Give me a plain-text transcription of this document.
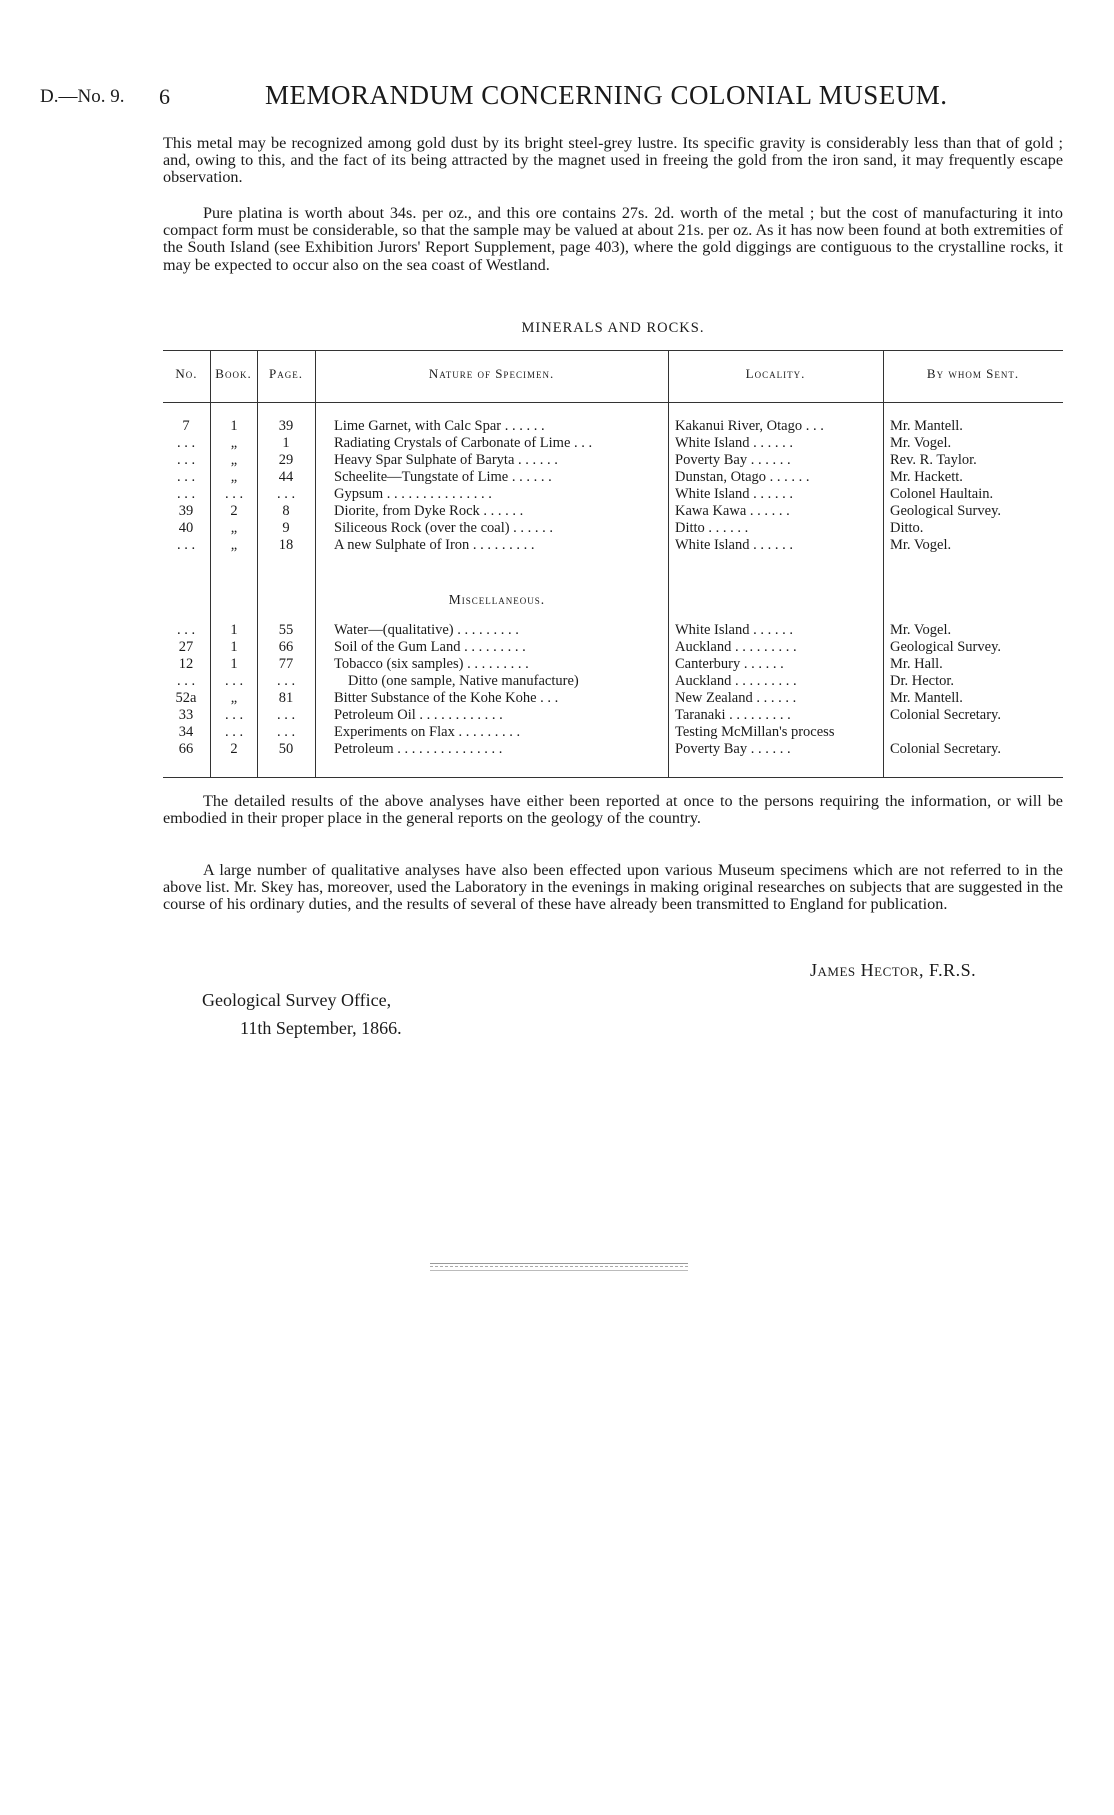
D.—No. 9. 6	MEMORANDUM CONCERNING COLONIAL MUSEUM.
This metal may be recognized among gold dust by its bright steel-grey lustre. Its specific gravity is considerably less than that of gold ; and, owing to this, and the fact of its being attracted by the magnet used in freeing the gold from the iron sand, it may frequently escape observation.
Pure platina is worth about 34s. per oz., and this ore contains 27s. 2d. worth of the metal ; but the cost of manufacturing it into compact form must be considerable, so that the sample may be valued at about 21s. per oz. As it has now been found at both extremities of the South Island (see Exhibition Jurors' Report Supplement, page 403), where the gold diggings are contiguous to the crystalline rocks, it may be expected to occur also on the sea coast of Westland.
MINERALS AND ROCKS.
No.	Book.	Page.	Nature of Specimen.	Locality.	By whom Sent.
7	1	39	Lime Garnet, with Calc Spar . . . . . .	Kakanui River, Otago . . .	Mr. Mantell.
. . .	„	1	Radiating Crystals of Carbonate of Lime . . .	White Island . . . . . .	Mr. Vogel.
. . .	„	29	Heavy Spar Sulphate of Baryta . . . . . .	Poverty Bay . . . . . .	Rev. R. Taylor.
. . .	„	44	Scheelite—Tungstate of Lime . . . . . .	Dunstan, Otago . . . . . .	Mr. Hackett.
. . .	. . .	. . .	Gypsum . . . . . . . . . . . . . . .	White Island . . . . . .	Colonel Haultain.
39	2	8	Diorite, from Dyke Rock . . . . . .	Kawa Kawa . . . . . .	Geological Survey.
40	„	9	Siliceous Rock (over the coal) . . . . . .	Ditto . . . . . .	Ditto.
. . .	„	18	A new Sulphate of Iron . . . . . . . . .	White Island . . . . . .	Mr. Vogel.
Miscellaneous.
. . .	1	55	Water—(qualitative) . . . . . . . . .	White Island . . . . . .	Mr. Vogel.
27	1	66	Soil of the Gum Land . . . . . . . . .	Auckland . . . . . . . . .	Geological Survey.
12	1	77	Tobacco (six samples) . . . . . . . . .	Canterbury . . . . . .	Mr. Hall.
. . .	. . .	. . .	Ditto (one sample, Native manufacture)	Auckland . . . . . . . . .	Dr. Hector.
52a	„	81	Bitter Substance of the Kohe Kohe . . .	New Zealand . . . . . .	Mr. Mantell.
33	. . .	. . .	Petroleum Oil . . . . . . . . . . . .	Taranaki . . . . . . . . .	Colonial Secretary.
34	. . .	. . .	Experiments on Flax . . . . . . . . .	Testing McMillan's process
66	2	50	Petroleum . . . . . . . . . . . . . . .	Poverty Bay . . . . . .	Colonial Secretary.
The detailed results of the above analyses have either been reported at once to the persons requiring the information, or will be embodied in their proper place in the general reports on the geology of the country.
A large number of qualitative analyses have also been effected upon various Museum specimens which are not referred to in the above list. Mr. Skey has, moreover, used the Laboratory in the evenings in making original researches on subjects that are suggested in the course of his ordinary duties, and the results of several of these have already been transmitted to England for publication.
James Hector, F.R.S.
Geological Survey Office,
11th September, 1866.
